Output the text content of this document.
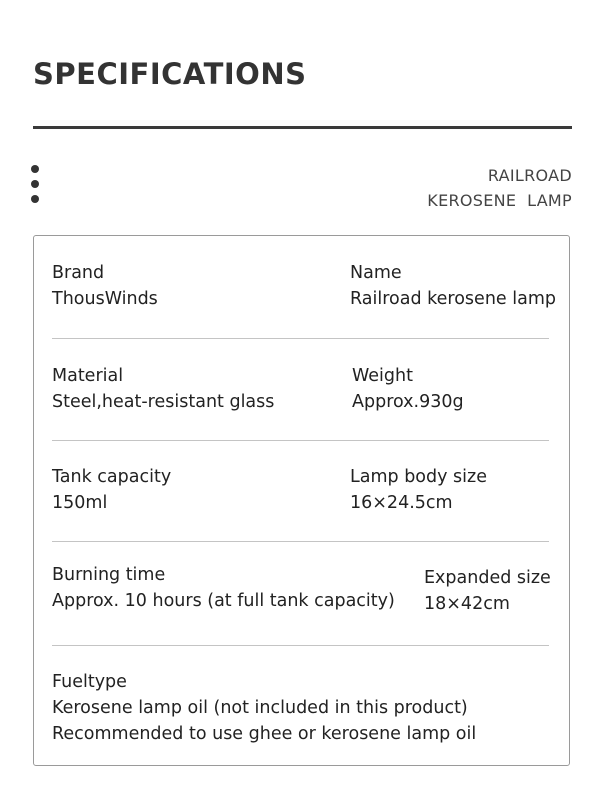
SPECIFICATIONS
RAILROAD
KEROSENE  LAMP
Brand
ThousWinds
Name
Railroad kerosene lamp
Material
Steel,heat-resistant glass
Weight
Approx.930g
Tank capacity
150ml
Lamp body size
16×24.5cm
Burning time
Approx. 10 hours (at full tank capacity)
Expanded size
18×42cm
Fueltype
Kerosene lamp oil (not included in this product)
Recommended to use ghee or kerosene lamp oil
